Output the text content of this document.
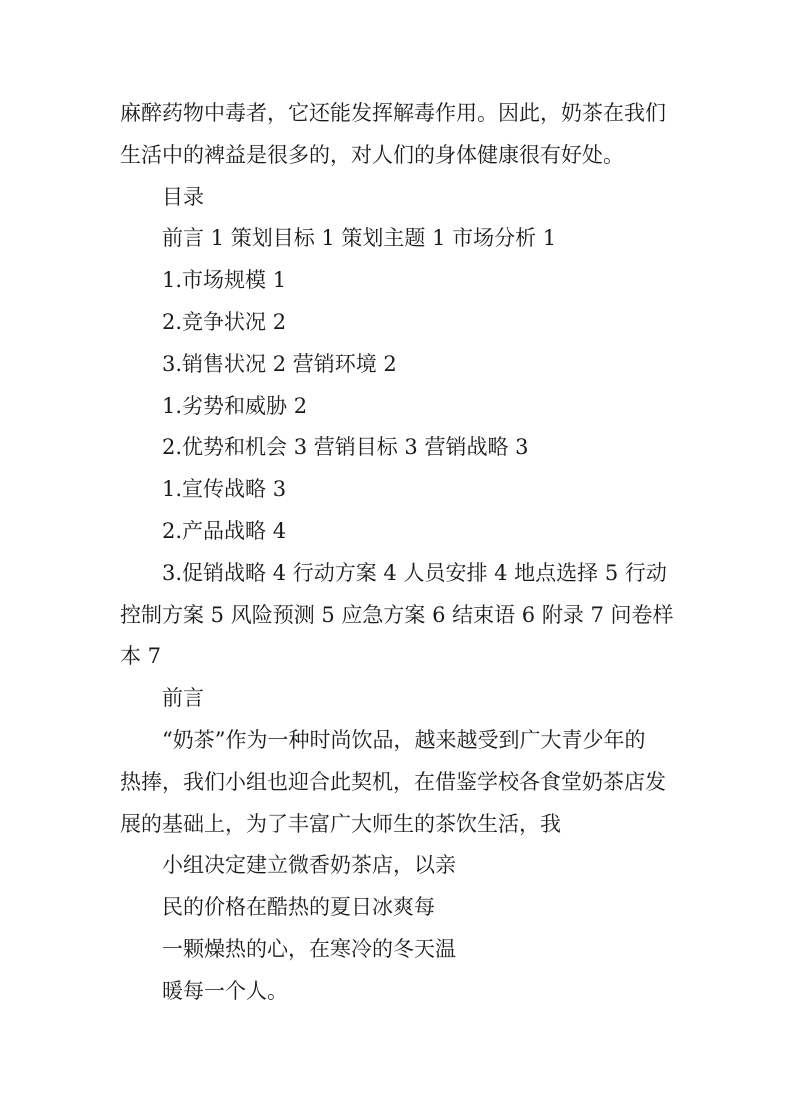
麻醉药物中毒者，它还能发挥解毒作用。因此，奶茶在我们
生活中的裨益是很多的，对人们的身体健康很有好处。
目录
前言 1 策划目标 1 策划主题 1 市场分析 1
1.市场规模 1
2.竞争状况 2
3.销售状况 2 营销环境 2
1.劣势和威胁 2
2.优势和机会 3 营销目标 3 营销战略 3
1.宣传战略 3
2.产品战略 4
3.促销战略 4 行动方案 4 人员安排 4 地点选择 5 行动
控制方案 5 风险预测 5 应急方案 6 结束语 6 附录 7 问卷样
本 7
前言
“奶茶”作为一种时尚饮品，越来越受到广大青少年的
热捧，我们小组也迎合此契机，在借鉴学校各食堂奶茶店发
展的基础上，为了丰富广大师生的茶饮生活，我
小组决定建立微香奶茶店，以亲
民的价格在酷热的夏日冰爽每
一颗燥热的心，在寒冷的冬天温
暖每一个人。
